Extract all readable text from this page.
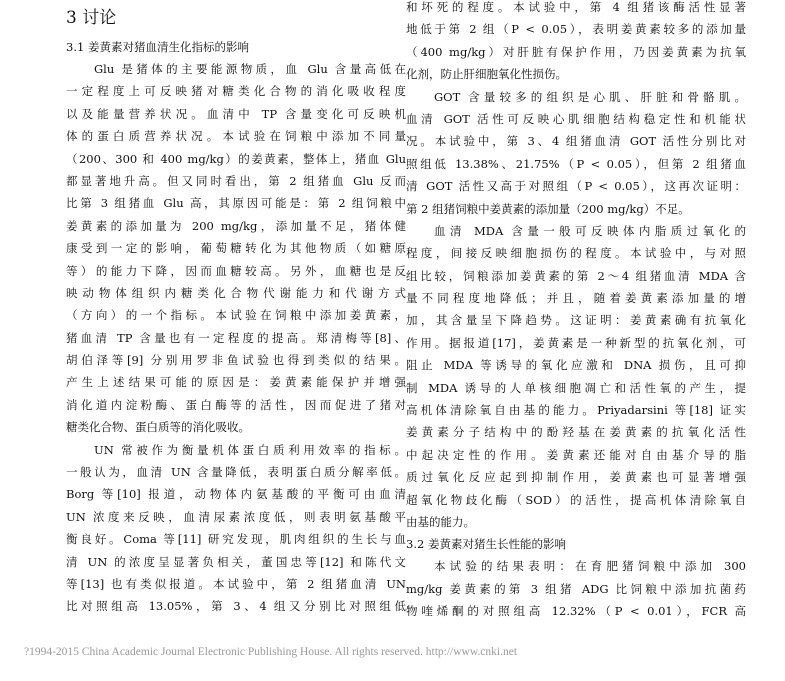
3 讨论
3.1 姜黄素对猪血清生化指标的影响
Glu 是猪体的主要能源物质，血 Glu 含量高低在
一定程度上可反映猪对糖类化合物的消化吸收程度
以及能量营养状况。血清中 TP 含量变化可反映机
体的蛋白质营养状况。本试验在饲粮中添加不同量
（200、300 和 400 mg/kg）的姜黄素，整体上，猪血 Glu
都显著地升高。但又同时看出，第 2 组猪血 Glu 反而
比第 3 组猪血 Glu 高，其原因可能是：第 2 组饲粮中
姜黄素的添加量为 200 mg/kg，添加量不足，猪体健
康受到一定的影响，葡萄糖转化为其他物质（如糖原
等）的能力下降，因而血糖较高。另外，血糖也是反
映动物体组织内糖类化合物代谢能力和代谢方式
（方向）的一个指标。本试验在饲粮中添加姜黄素，
猪血清 TP 含量也有一定程度的提高。郑清梅等[8]、
胡伯泽等[9] 分别用罗非鱼试验也得到类似的结果。
产生上述结果可能的原因是：姜黄素能保护并增强
消化道内淀粉酶、蛋白酶等的活性，因而促进了猪对
糖类化合物、蛋白质等的消化吸收。
UN 常被作为衡量机体蛋白质利用效率的指标。
一般认为，血清 UN 含量降低，表明蛋白质分解率低。
Borg 等[10] 报道，动物体内氨基酸的平衡可由血清
UN 浓度来反映，血清尿素浓度低，则表明氨基酸平
衡良好。Coma 等[11] 研究发现，肌肉组织的生长与血
清 UN 的浓度呈显著负相关，董国忠等[12] 和陈代文
等[13] 也有类似报道。本试验中，第 2 组猪血清 UN
比对照组高 13.05%，第 3、4 组又分别比对照组低
和坏死的程度。本试验中，第 4 组猪该酶活性显著
地低于第 2 组（P < 0.05），表明姜黄素较多的添加量
（400 mg/kg）对肝脏有保护作用，乃因姜黄素为抗氧
化剂，防止肝细胞氧化性损伤。
GOT 含量较多的组织是心肌、肝脏和骨骼肌。
血清 GOT 活性可反映心肌细胞结构稳定性和机能状
况。本试验中，第 3、4 组猪血清 GOT 活性分别比对
照组低 13.38%、21.75%（P < 0.05），但第 2 组猪血
清 GOT 活性又高于对照组（P < 0.05），这再次证明：
第 2 组猪饲粮中姜黄素的添加量（200 mg/kg）不足。
血清 MDA 含量一般可反映体内脂质过氧化的
程度，间接反映细胞损伤的程度。本试验中，与对照
组比较，饲粮添加姜黄素的第 2～4 组猪血清 MDA 含
量不同程度地降低；并且，随着姜黄素添加量的增
加，其含量呈下降趋势。这证明：姜黄素确有抗氧化
作用。据报道[17]，姜黄素是一种新型的抗氧化剂，可
阻止 MDA 等诱导的氧化应激和 DNA 损伤，且可抑
制 MDA 诱导的人单核细胞凋亡和活性氧的产生，提
高机体清除氧自由基的能力。Priyadarsini 等[18] 证实
姜黄素分子结构中的酚羟基在姜黄素的抗氧化活性
中起决定性的作用。姜黄素还能对自由基介导的脂
质过氧化反应起到抑制作用，姜黄素也可显著增强
超氧化物歧化酶（SOD）的活性，提高机体清除氧自
由基的能力。
3.2 姜黄素对猪生长性能的影响
本试验的结果表明：在育肥猪饲粮中添加 300
mg/kg 姜黄素的第 3 组猪 ADG 比饲粮中添加抗菌药
物喹烯酮的对照组高 12.32%（P < 0.01），FCR 高
?1994-2015 China Academic Journal Electronic Publishing House. All rights reserved. http://www.cnki.net
